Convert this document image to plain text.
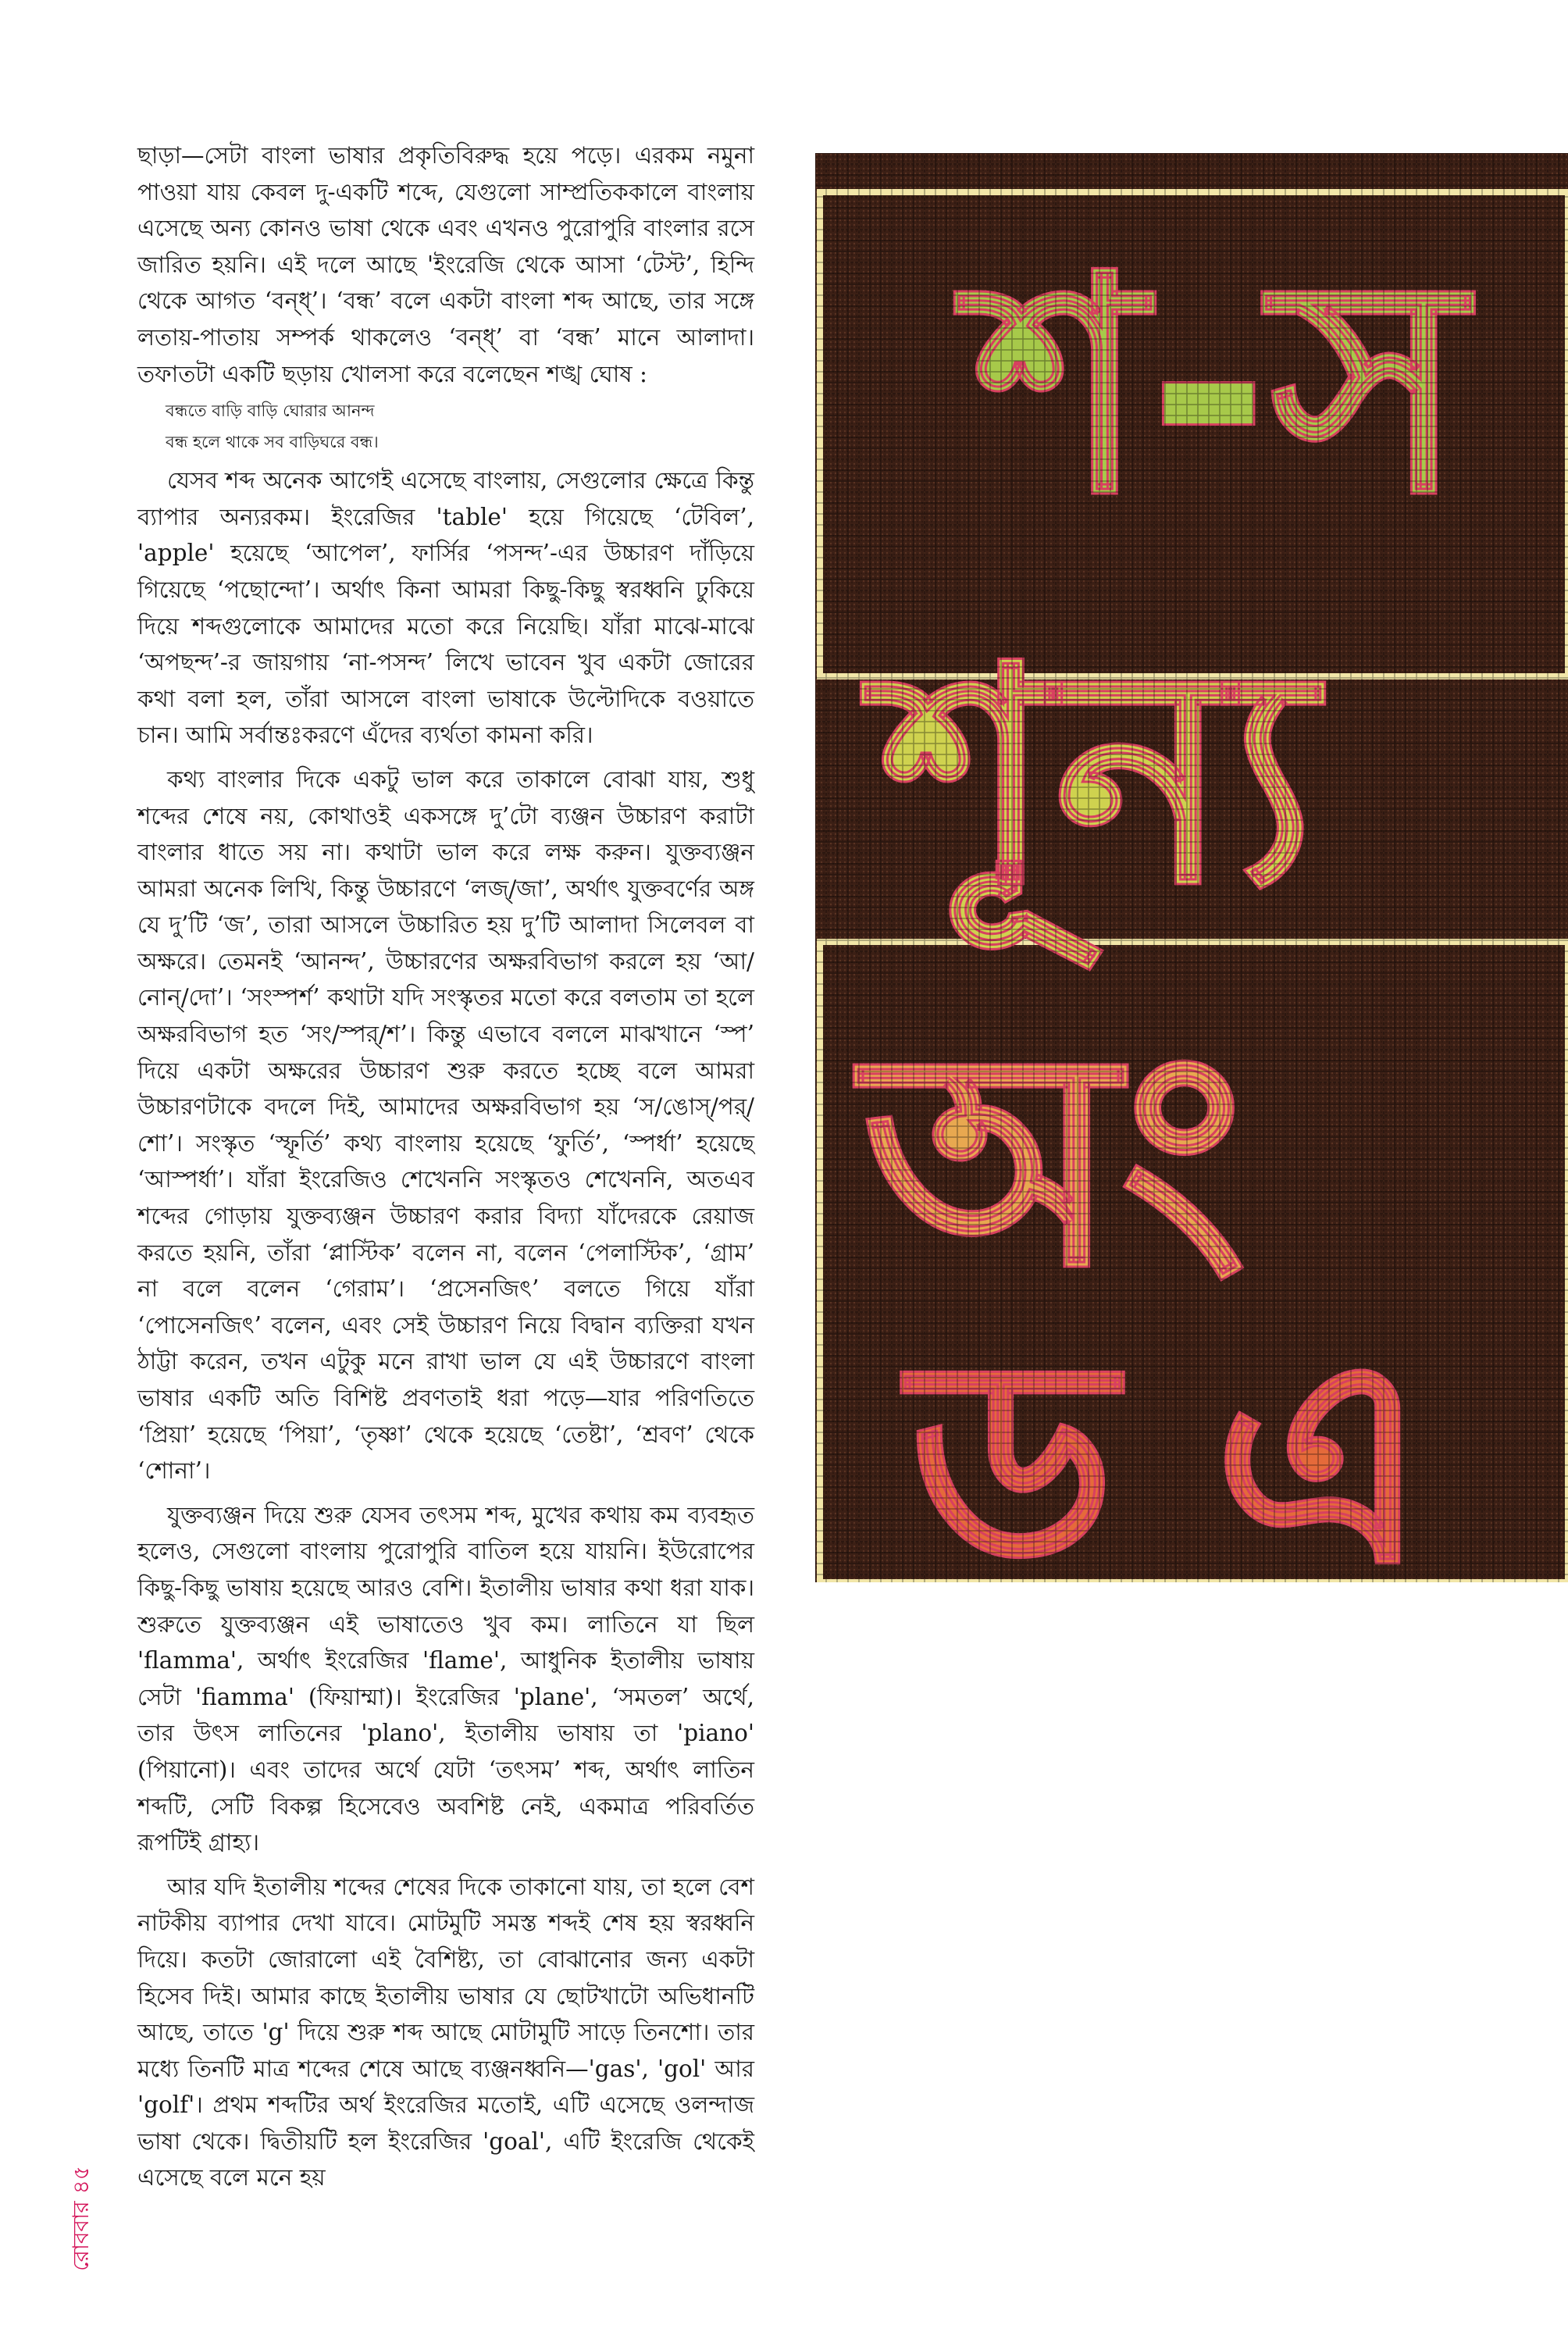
ছাড়া—সেটা বাংলা ভাষার প্রকৃতিবিরুদ্ধ হয়ে পড়ে। এরকম নমুনা পাওয়া যায় কেবল দু-একটি শব্দে, যেগুলো সাম্প্রতিককালে বাংলায় এসেছে অন্য কোনও ভাষা থেকে এবং এখনও পুরোপুরি বাংলার রসে জারিত হয়নি। এই দলে আছে 'ইংরেজি থেকে আসা ‘টেস্ট’, হিন্দি থেকে আগত ‘বন্‌ধ্’। ‘বন্ধ’ বলে একটা বাংলা শব্দ আছে, তার সঙ্গে লতায়-পাতায় সম্পর্ক থাকলেও ‘বন্‌ধ্’ বা ‘বন্ধ’ মানে আলাদা। তফাতটা একটি ছড়ায় খোলসা করে বলেছেন শঙ্খ ঘোষ :

বন্ধতে বাড়ি বাড়ি ঘোরার আনন্দ
বন্ধ হলে থাকে সব বাড়িঘরে বন্ধ।

যেসব শব্দ অনেক আগেই এসেছে বাংলায়, সেগুলোর ক্ষেত্রে কিন্তু ব্যাপার অন্যরকম। ইংরেজির 'table' হয়ে গিয়েছে ‘টেবিল’, 'apple' হয়েছে ‘আপেল’, ফার্সির ‘পসন্দ’-এর উচ্চারণ দাঁড়িয়ে গিয়েছে ‘পছোন্দো’। অর্থাৎ কিনা আমরা কিছু-কিছু স্বরধ্বনি ঢুকিয়ে দিয়ে শব্দগুলোকে আমাদের মতো করে নিয়েছি। যাঁরা মাঝে-মাঝে ‘অপছন্দ’-র জায়গায় ‘না-পসন্দ’ লিখে ভাবেন খুব একটা জোরের কথা বলা হল, তাঁরা আসলে বাংলা ভাষাকে উল্টোদিকে বওয়াতে চান। আমি সর্বান্তঃকরণে এঁদের ব্যর্থতা কামনা করি।

কথ্য বাংলার দিকে একটু ভাল করে তাকালে বোঝা যায়, শুধু শব্দের শেষে নয়, কোথাওই একসঙ্গে দু’টো ব্যঞ্জন উচ্চারণ করাটা বাংলার ধাতে সয় না। কথাটা ভাল করে লক্ষ করুন। যুক্তব্যঞ্জন আমরা অনেক লিখি, কিন্তু উচ্চারণে ‘লজ্‌/জা’, অর্থাৎ যুক্তবর্ণের অঙ্গ যে দু’টি ‘জ’, তারা আসলে উচ্চারিত হয় দু’টি আলাদা সিলেবল বা অক্ষরে। তেমনই ‘আনন্দ’, উচ্চারণের অক্ষরবিভাগ করলে হয় ‘আ/নোন্‌/দো’। ‘সংস্পর্শ’ কথাটা যদি সংস্কৃতর মতো করে বলতাম তা হলে অক্ষরবিভাগ হত ‘সং/স্পর্‌/শ’। কিন্তু এভাবে বললে মাঝখানে ‘স্প’ দিয়ে একটা অক্ষরের উচ্চারণ শুরু করতে হচ্ছে বলে আমরা উচ্চারণটাকে বদলে দিই, আমাদের অক্ষরবিভাগ হয় ‘স/ঙোস্‌/পর্‌/শো’। সংস্কৃত ‘স্ফূর্তি’ কথ্য বাংলায় হয়েছে ‘ফুর্তি’, ‘স্পর্ধা’ হয়েছে ‘আস্পর্ধা’। যাঁরা ইংরেজিও শেখেননি সংস্কৃতও শেখেননি, অতএব শব্দের গোড়ায় যুক্তব্যঞ্জন উচ্চারণ করার বিদ্যা যাঁদেরকে রেয়াজ করতে হয়নি, তাঁরা ‘প্লাস্টিক’ বলেন না, বলেন ‘পেলাস্টিক’, ‘গ্রাম’ না বলে বলেন ‘গেরাম’। ‘প্রসেনজিৎ’ বলতে গিয়ে যাঁরা ‘পোসেনজিৎ’ বলেন, এবং সেই উচ্চারণ নিয়ে বিদ্বান ব্যক্তিরা যখন ঠাট্টা করেন, তখন এটুকু মনে রাখা ভাল যে এই উচ্চারণে বাংলা ভাষার একটি অতি বিশিষ্ট প্রবণতাই ধরা পড়ে—যার পরিণতিতে ‘প্রিয়া’ হয়েছে ‘পিয়া’, ‘তৃষ্ণা’ থেকে হয়েছে ‘তেষ্টা’, ‘শ্রবণ’ থেকে ‘শোনা’।

যুক্তব্যঞ্জন দিয়ে শুরু যেসব তৎসম শব্দ, মুখের কথায় কম ব্যবহৃত হলেও, সেগুলো বাংলায় পুরোপুরি বাতিল হয়ে যায়নি। ইউরোপের কিছু-কিছু ভাষায় হয়েছে আরও বেশি। ইতালীয় ভাষার কথা ধরা যাক। শুরুতে যুক্তব্যঞ্জন এই ভাষাতেও খুব কম। লাতিনে যা ছিল 'flamma', অর্থাৎ ইংরেজির 'flame', আধুনিক ইতালীয় ভাষায় সেটা 'fiamma' (ফিয়াম্মা)। ইংরেজির 'plane', ‘সমতল’ অর্থে, তার উৎস লাতিনের 'plano', ইতালীয় ভাষায় তা 'piano' (পিয়ানো)। এবং তাদের অর্থে যেটা ‘তৎসম’ শব্দ, অর্থাৎ লাতিন শব্দটি, সেটি বিকল্প হিসেবেও অবশিষ্ট নেই, একমাত্র পরিবর্তিত রূপটিই গ্রাহ্য।

আর যদি ইতালীয় শব্দের শেষের দিকে তাকানো যায়, তা হলে বেশ নাটকীয় ব্যাপার দেখা যাবে। মোটমুটি সমস্ত শব্দই শেষ হয় স্বরধ্বনি দিয়ে। কতটা জোরালো এই বৈশিষ্ট্য, তা বোঝানোর জন্য একটা হিসেব দিই। আমার কাছে ইতালীয় ভাষার যে ছোটখাটো অভিধানটি আছে, তাতে 'g' দিয়ে শুরু শব্দ আছে মোটামুটি সাড়ে তিনশো। তার মধ্যে তিনটি মাত্র শব্দের শেষে আছে ব্যঞ্জনধ্বনি—'gas', 'gol' আর 'golf'। প্রথম শব্দটির অর্থ ইংরেজির মতোই, এটি এসেছে ওলন্দাজ ভাষা থেকে। দ্বিতীয়টি হল ইংরেজির 'goal', এটি ইংরেজি থেকেই এসেছে বলে মনে হয়

রোববার ৪৫
